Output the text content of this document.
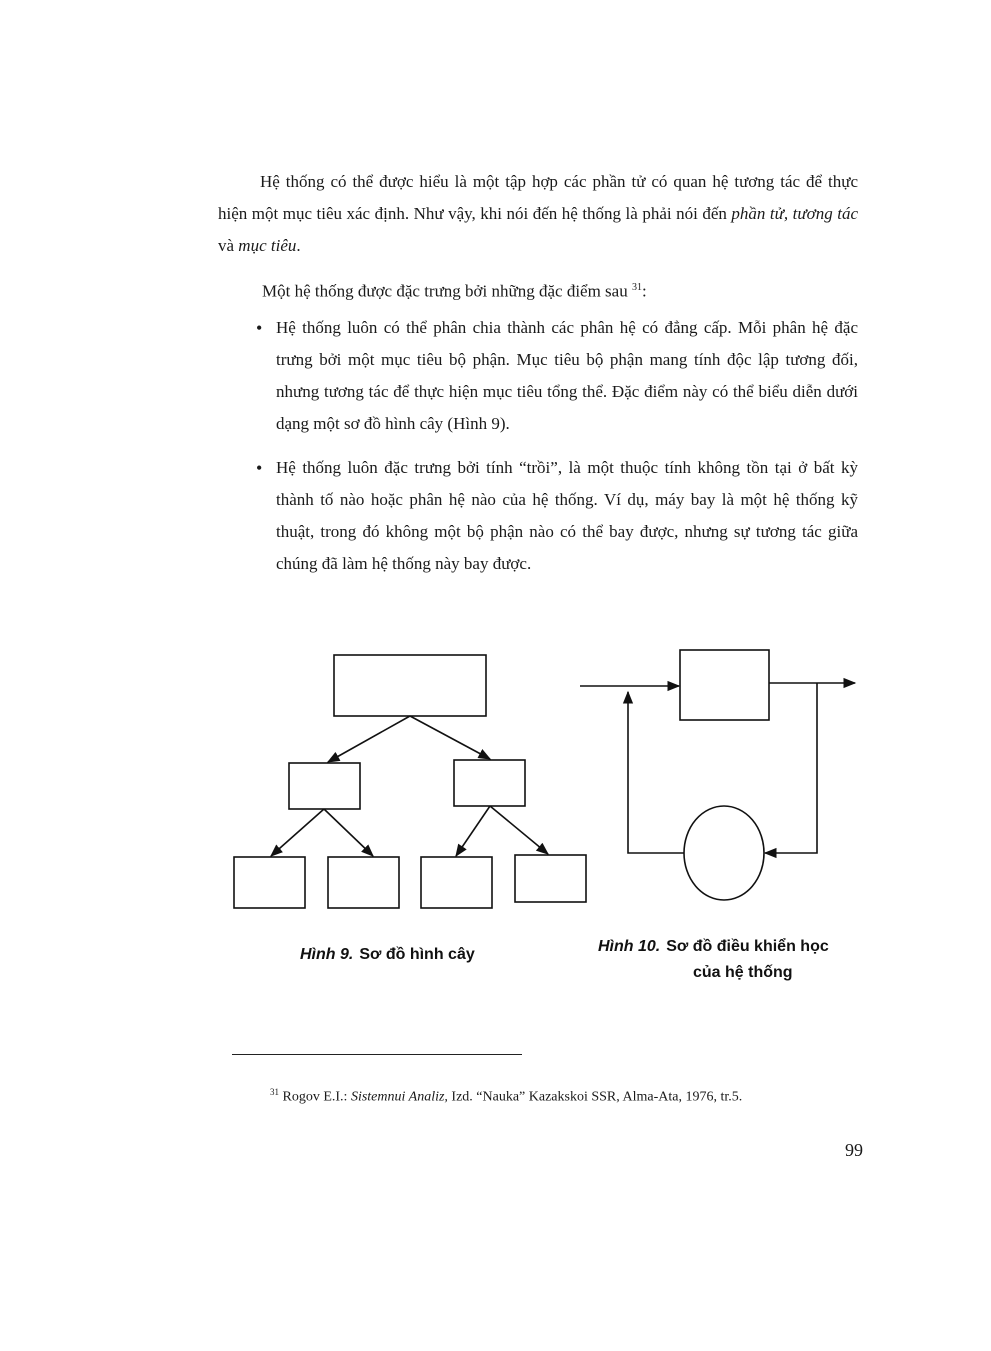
Hệ thống có thể được hiểu là một tập hợp các phần tử có quan hệ tương tác để thực hiện một mục tiêu xác định. Như vậy, khi nói đến hệ thống là phải nói đến phần tử, tương tác và mục tiêu.

Một hệ thống được đặc trưng bởi những đặc điểm sau $^{31}$:

• Hệ thống luôn có thể phân chia thành các phân hệ có đẳng cấp. Mỗi phân hệ đặc trưng bởi một mục tiêu bộ phận. Mục tiêu bộ phận mang tính độc lập tương đối, nhưng tương tác để thực hiện mục tiêu tổng thể. Đặc điểm này có thể biểu diễn dưới dạng một sơ đồ hình cây (Hình 9).
• Hệ thống luôn đặc trưng bởi tính “trồi”, là một thuộc tính không tồn tại ở bất kỳ thành tố nào hoặc phân hệ nào của hệ thống. Ví dụ, máy bay là một hệ thống kỹ thuật, trong đó không một bộ phận nào có thể bay được, nhưng sự tương tác giữa chúng đã làm hệ thống này bay được.
Hình 9. Sơ đồ hình cây	Hình 10. Sơ đồ điều khiển học
của hệ thống

$^{31}$ Rogov E.I.: Sistemnui Analiz, Izd. “Nauka” Kazakskoi SSR, Alma-Ata, 1976, tr.5.

99
